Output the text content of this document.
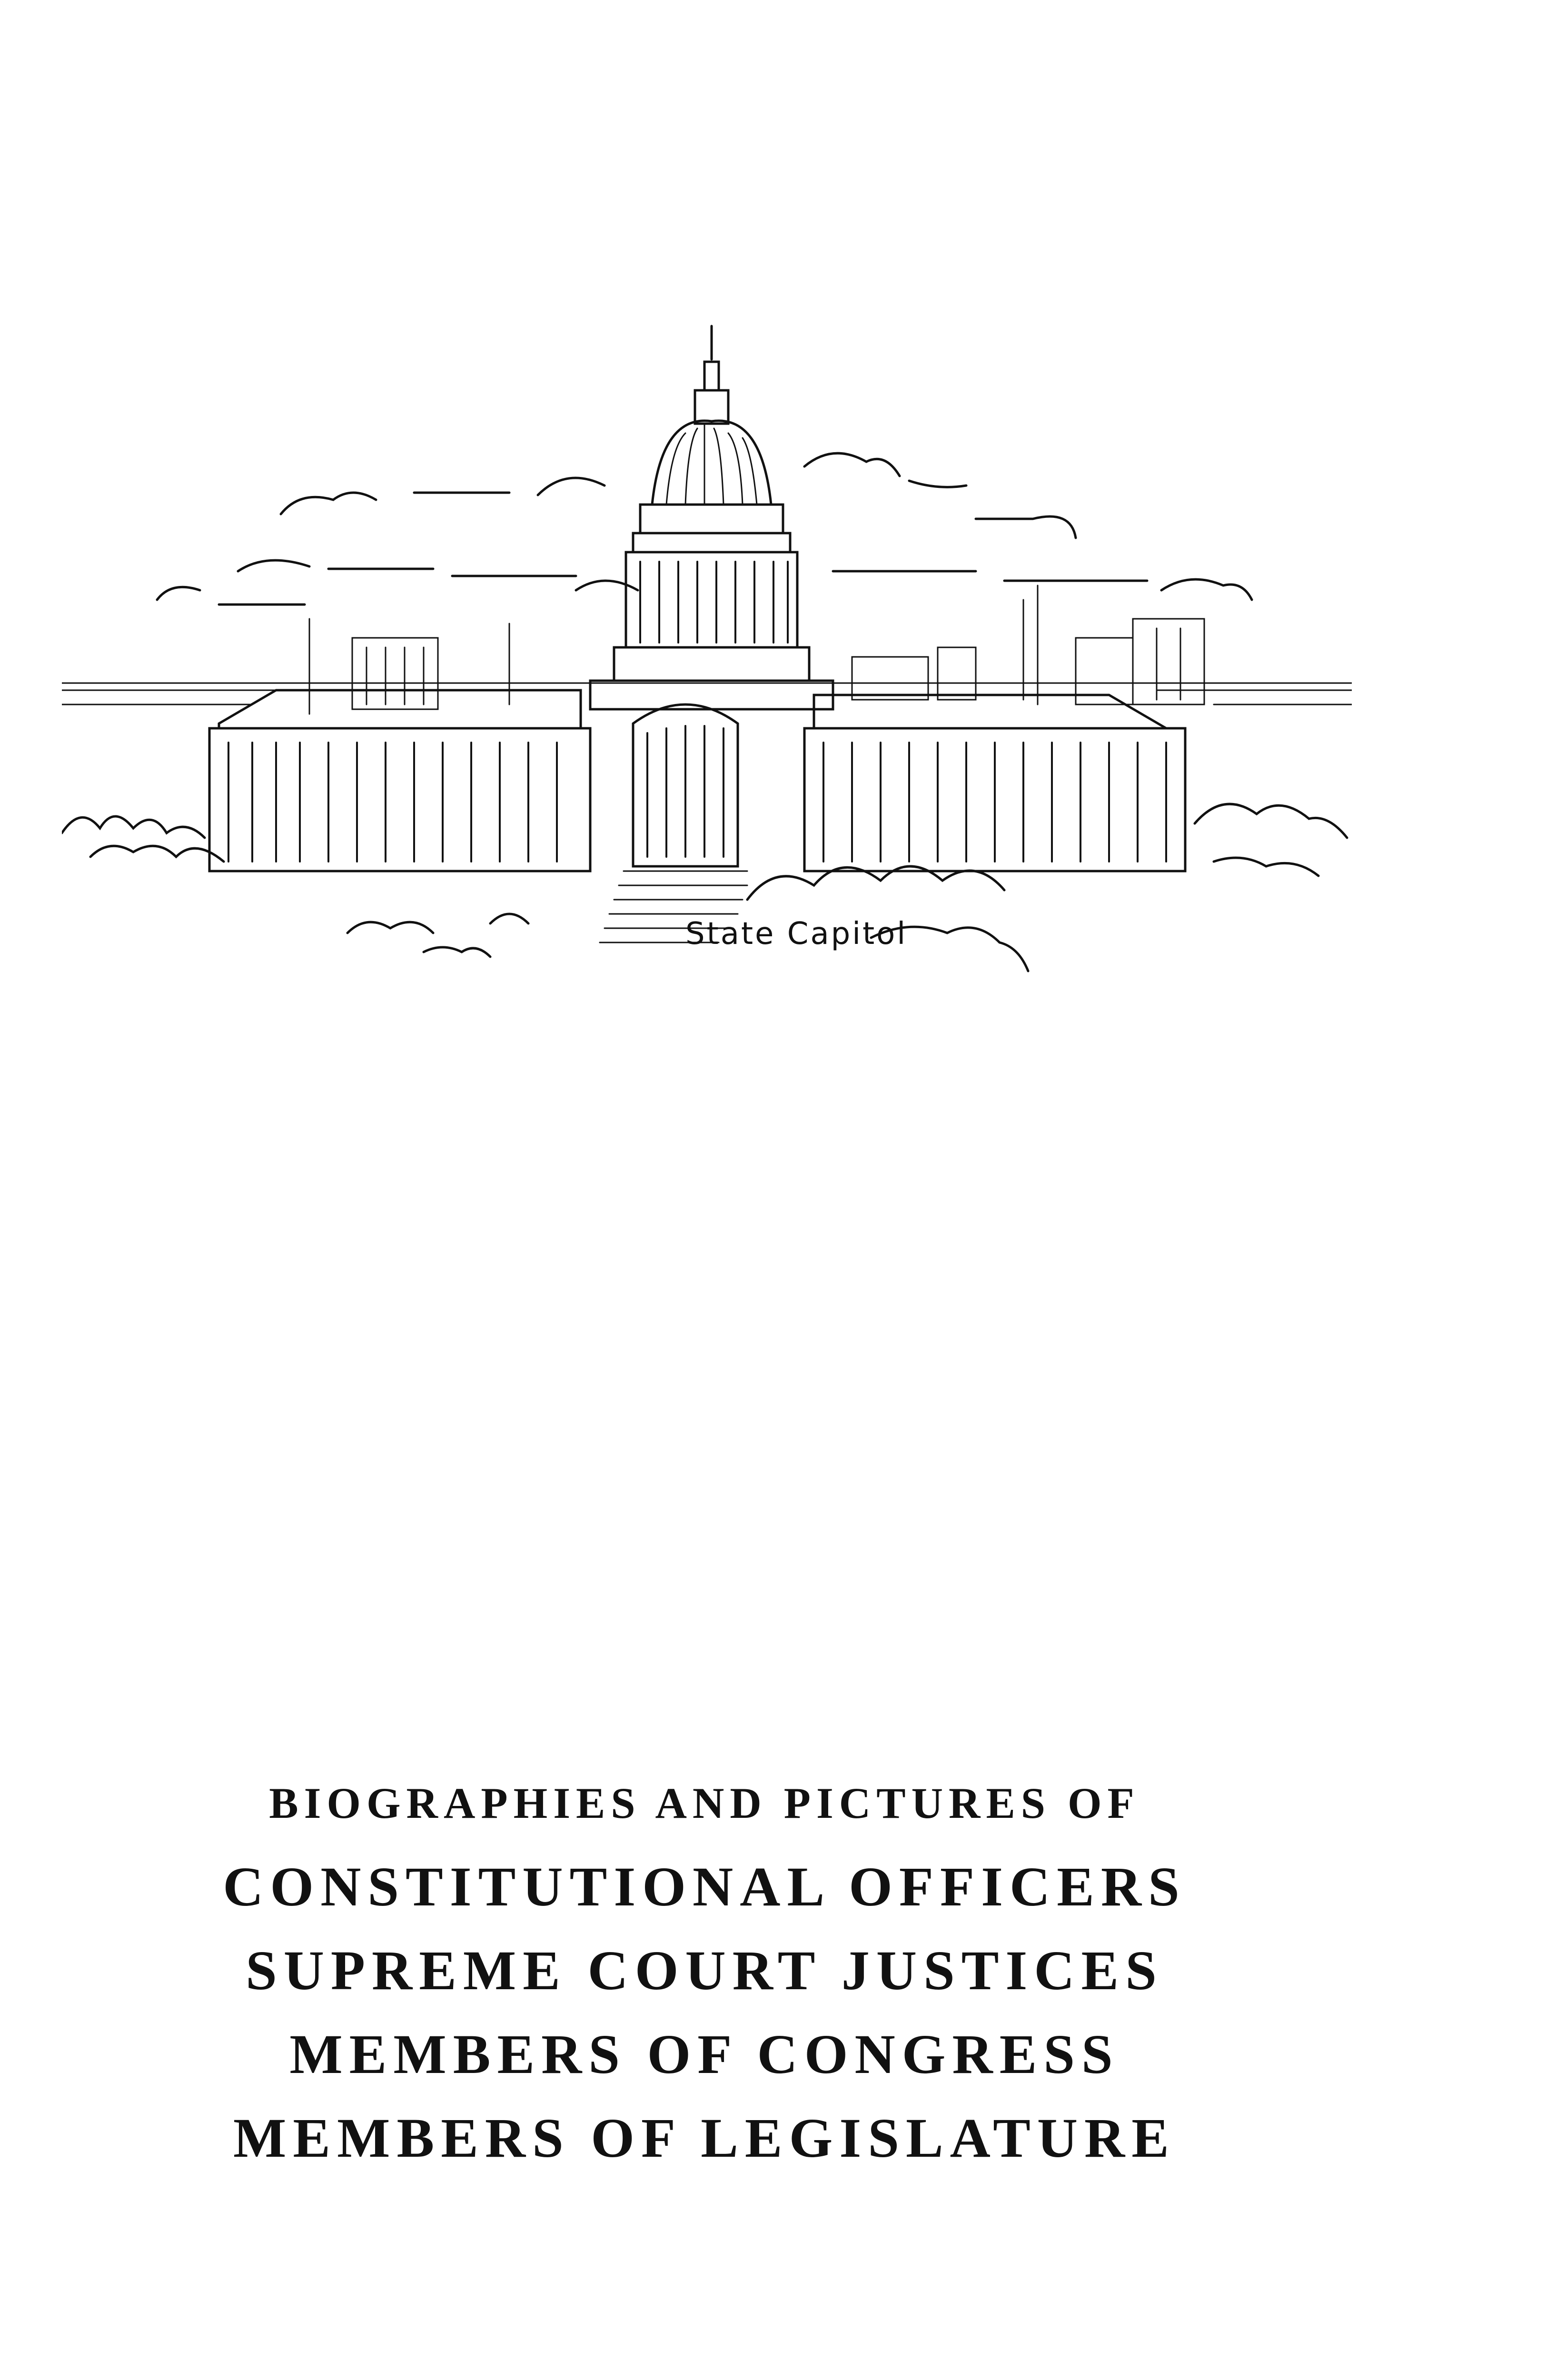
State Capitol
BIOGRAPHIES AND PICTURES OF
CONSTITUTIONAL OFFICERS
SUPREME COURT JUSTICES
MEMBERS OF CONGRESS
MEMBERS OF LEGISLATURE
